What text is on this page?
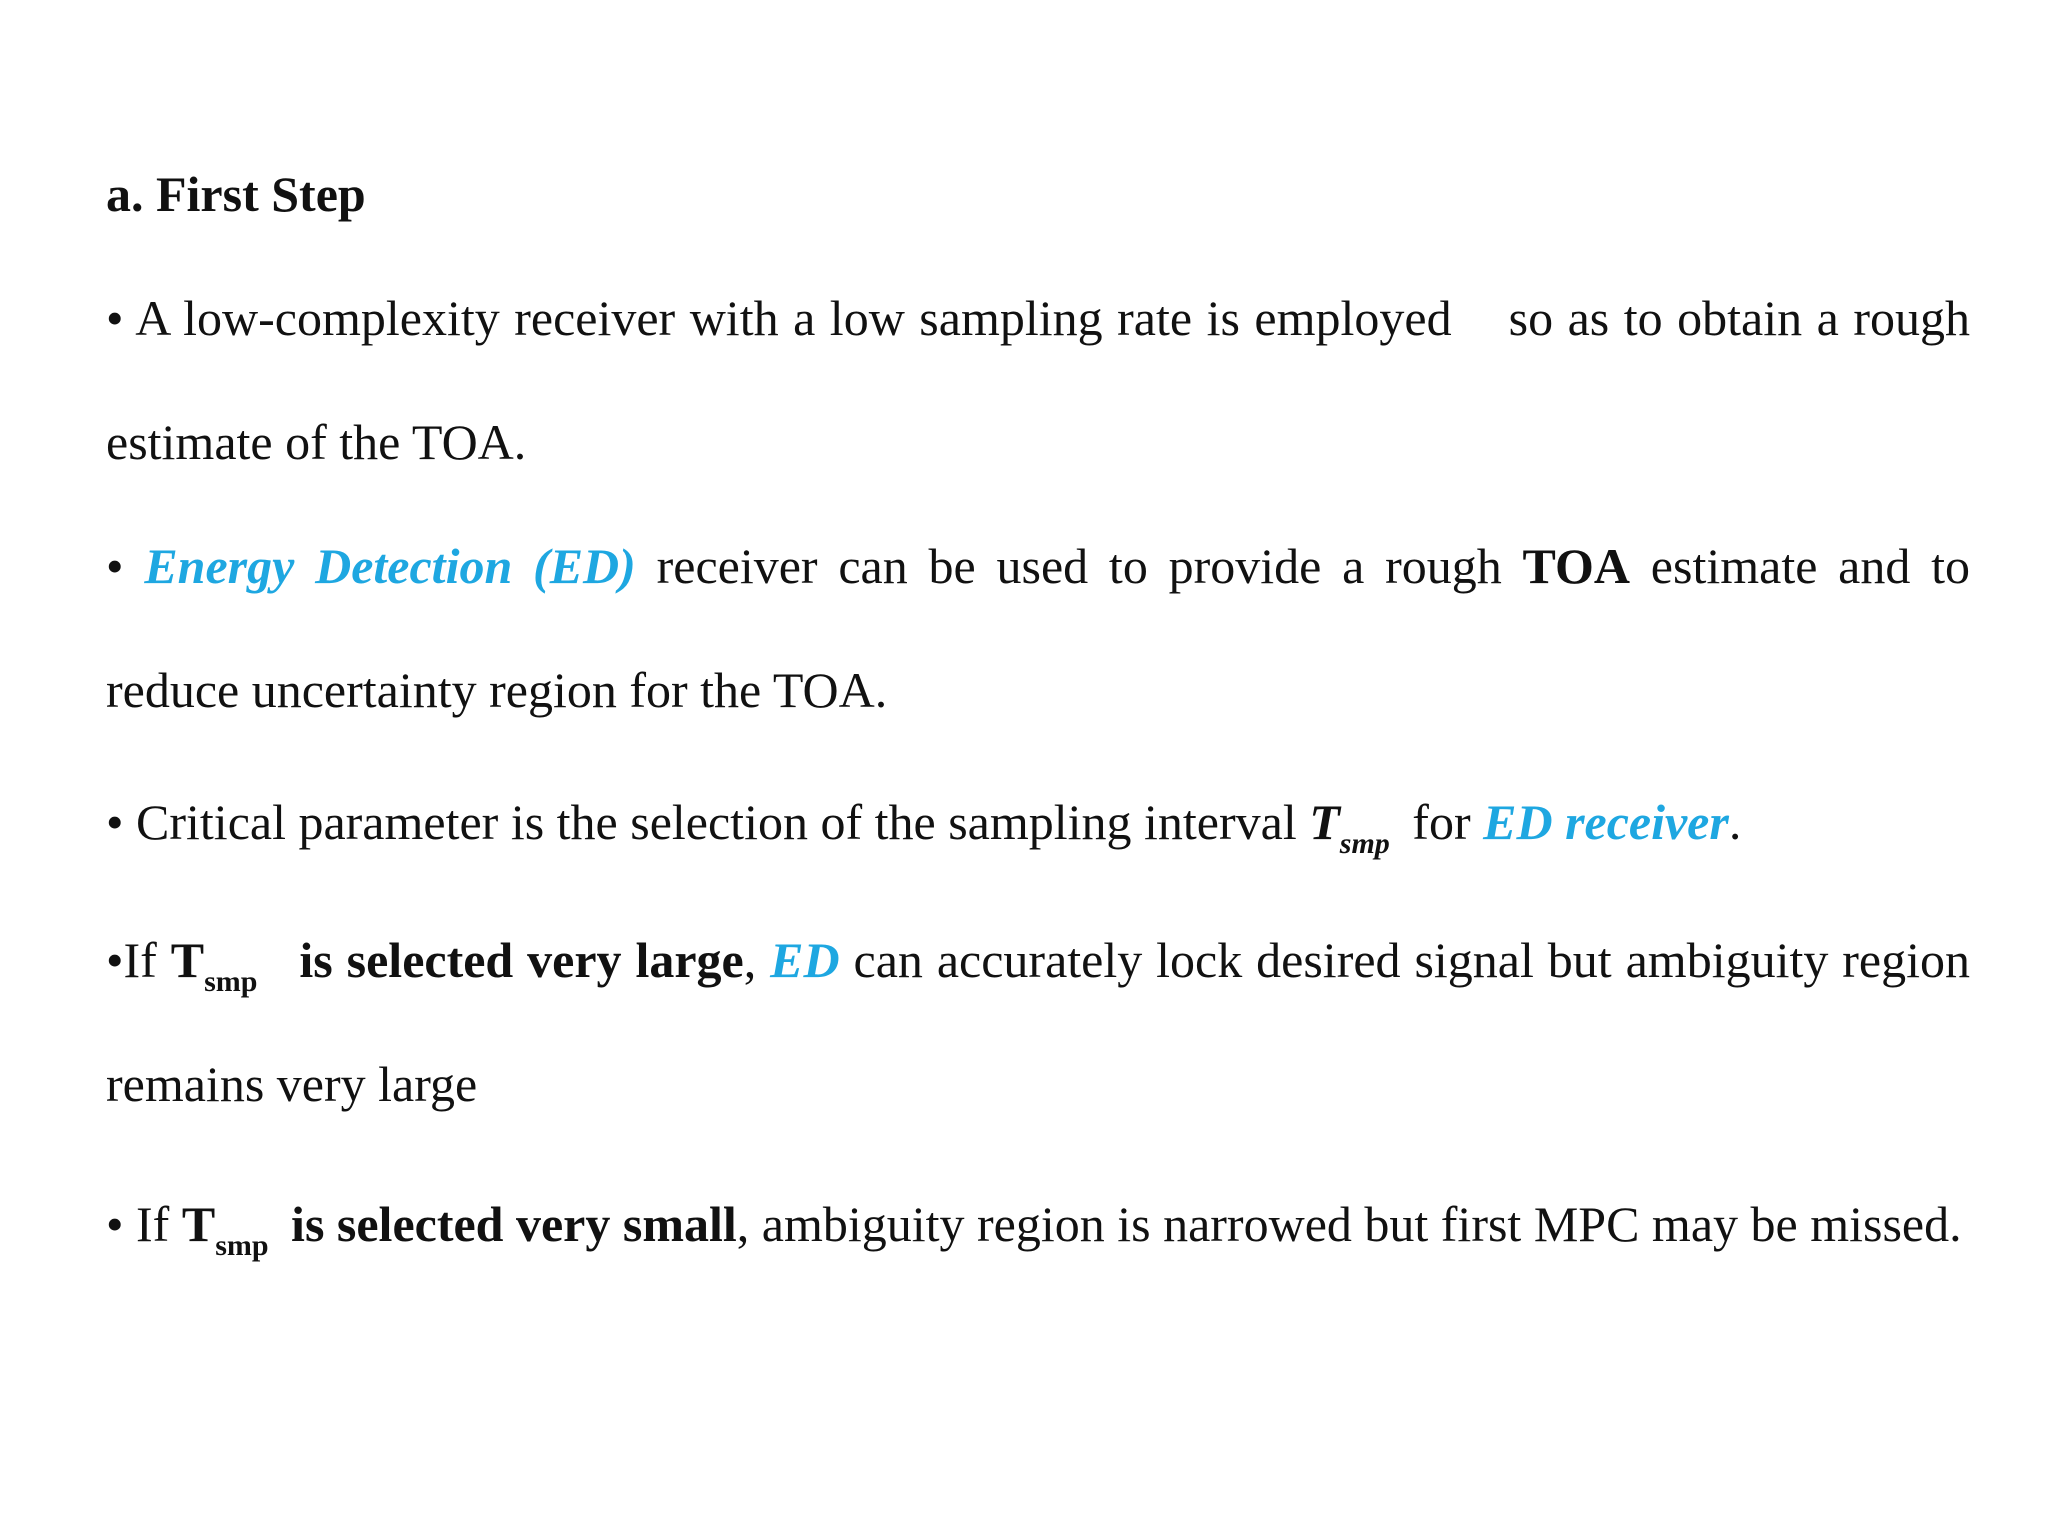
a. First Step
• A low-complexity receiver with a low sampling rate is employed so as to obtain a rough estimate of the TOA.
• Energy Detection (ED) receiver can be used to provide a rough TOA estimate and to reduce uncertainty region for the TOA.
• Critical parameter is the selection of the sampling interval $T_{smp}$ for ED receiver.
•If $T_{smp}$ is selected very large, ED can accurately lock desired signal but ambiguity region remains very large
• If $T_{smp}$ is selected very small, ambiguity region is narrowed but first MPC may be missed.
